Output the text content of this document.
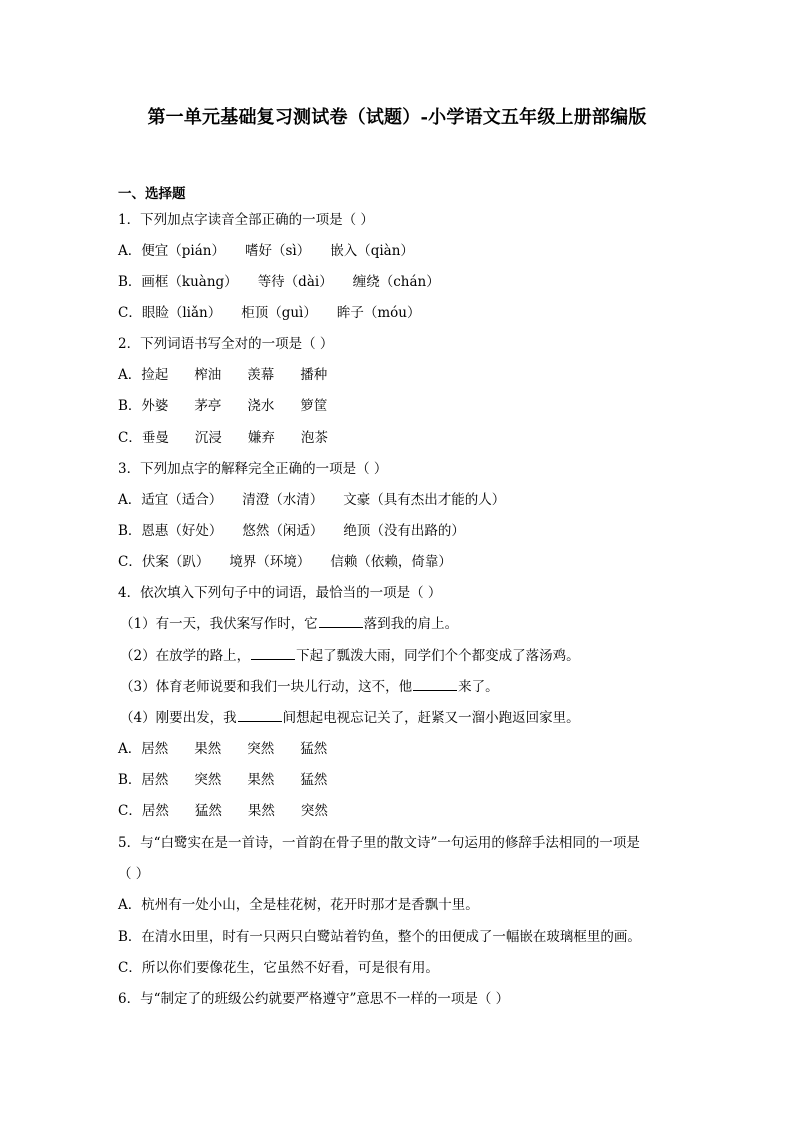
第一单元基础复习测试卷（试题）-小学语文五年级上册部编版
一、选择题
1．下列加点字读音全部正确的一项是（ ）
A．便宜（pián） 嗜好（sì） 嵌入（qiàn）
B．画框（kuàng） 等待（dài） 缠绕（chán）
C．眼睑（liǎn） 柜顶（guì） 眸子（móu）
2．下列词语书写全对的一项是（ ）
A．捡起 榨油 羡幕 播种
B．外婆 茅亭 浇水 箩筐
C．垂曼 沉浸 嫌弃 泡茶
3．下列加点字的解释完全正确的一项是（ ）
A．适宜（适合） 清澄（水清） 文豪（具有杰出才能的人）
B．恩惠（好处） 悠然（闲适） 绝顶（没有出路的）
C．伏案（趴） 境界（环境） 信赖（依赖，倚靠）
4．依次填入下列句子中的词语，最恰当的一项是（ ）
（1）有一天，我伏案写作时，它	落到我的肩上。
（2）在放学的路上，	下起了瓢泼大雨，同学们个个都变成了落汤鸡。
（3）体育老师说要和我们一块儿行动，这不，他	来了。
（4）刚要出发，我	间想起电视忘记关了，赶紧又一溜小跑返回家里。
A．居然 果然 突然 猛然
B．居然 突然 果然 猛然
C．居然 猛然 果然 突然
5．与“白鹭实在是一首诗，一首韵在骨子里的散文诗”一句运用的修辞手法相同的一项是
（ ）
A．杭州有一处小山，全是桂花树，花开时那才是香飘十里。
B．在清水田里，时有一只两只白鹭站着钓鱼，整个的田便成了一幅嵌在玻璃框里的画。
C．所以你们要像花生，它虽然不好看，可是很有用。
6．与“制定了的班级公约就要严格遵守”意思不一样的一项是（ ）
